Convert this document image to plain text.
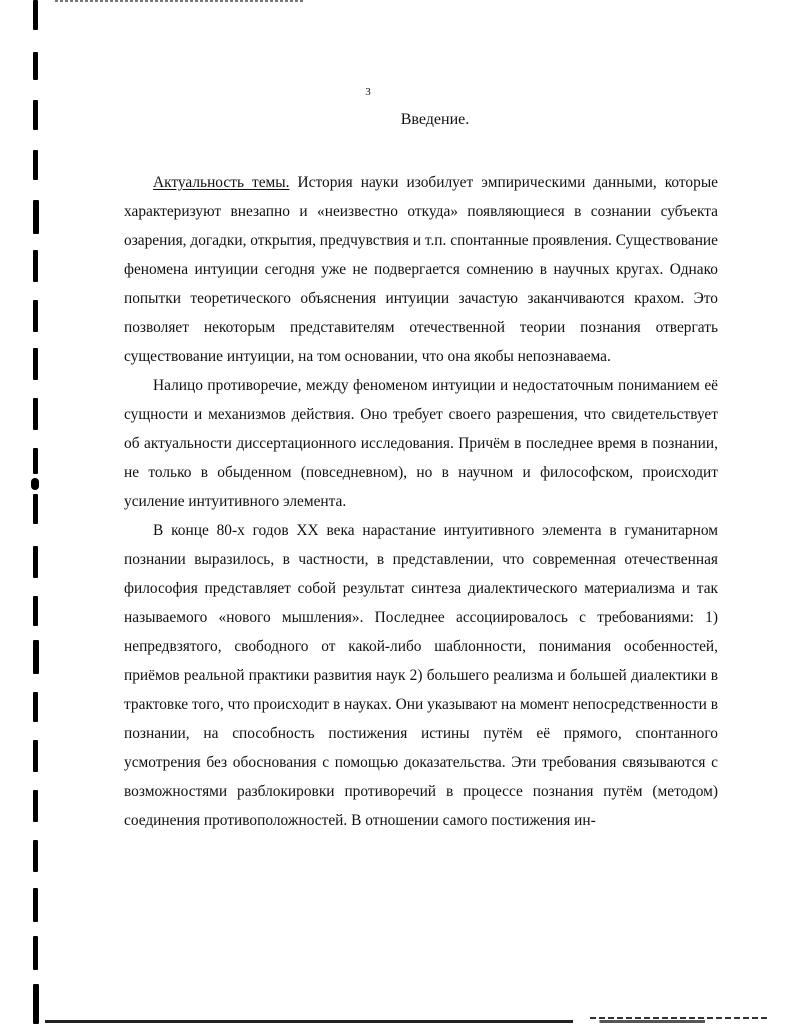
3
Введение.

Актуальность темы. История науки изобилует эмпирическими данными, которые характеризуют внезапно и «неизвестно откуда» появляющиеся в сознании субъекта озарения, догадки, открытия, предчувствия и т.п. спонтанные проявления. Существование феномена интуиции сегодня уже не подвергается сомнению в научных кругах. Однако попытки теоретического объяснения интуиции зачастую заканчиваются крахом. Это позволяет некоторым представителям отечественной теории познания отвергать существование интуиции, на том основании, что она якобы непознаваема.

Налицо противоречие, между феноменом интуиции и недостаточным пониманием её сущности и механизмов действия. Оно требует своего разрешения, что свидетельствует об актуальности диссертационного исследования. Причём в последнее время в познании, не только в обыденном (повседневном), но в научном и философском, происходит усиление интуитивного элемента.

В конце 80-х годов XX века нарастание интуитивного элемента в гуманитарном познании выразилось, в частности, в представлении, что современная отечественная философия представляет собой результат синтеза диалектического материализма и так называемого «нового мышления». Последнее ассоциировалось с требованиями: 1) непредвзятого, свободного от какой-либо шаблонности, понимания особенностей, приёмов реальной практики развития наук 2) большего реализма и большей диалектики в трактовке того, что происходит в науках. Они указывают на момент непосредственности в познании, на способность постижения истины путём её прямого, спонтанного усмотрения без обоснования с помощью доказательства. Эти требования связываются с возможностями разблокировки противоречий в процессе познания путём (методом) соединения противоположностей. В отношении самого постижения ин-
